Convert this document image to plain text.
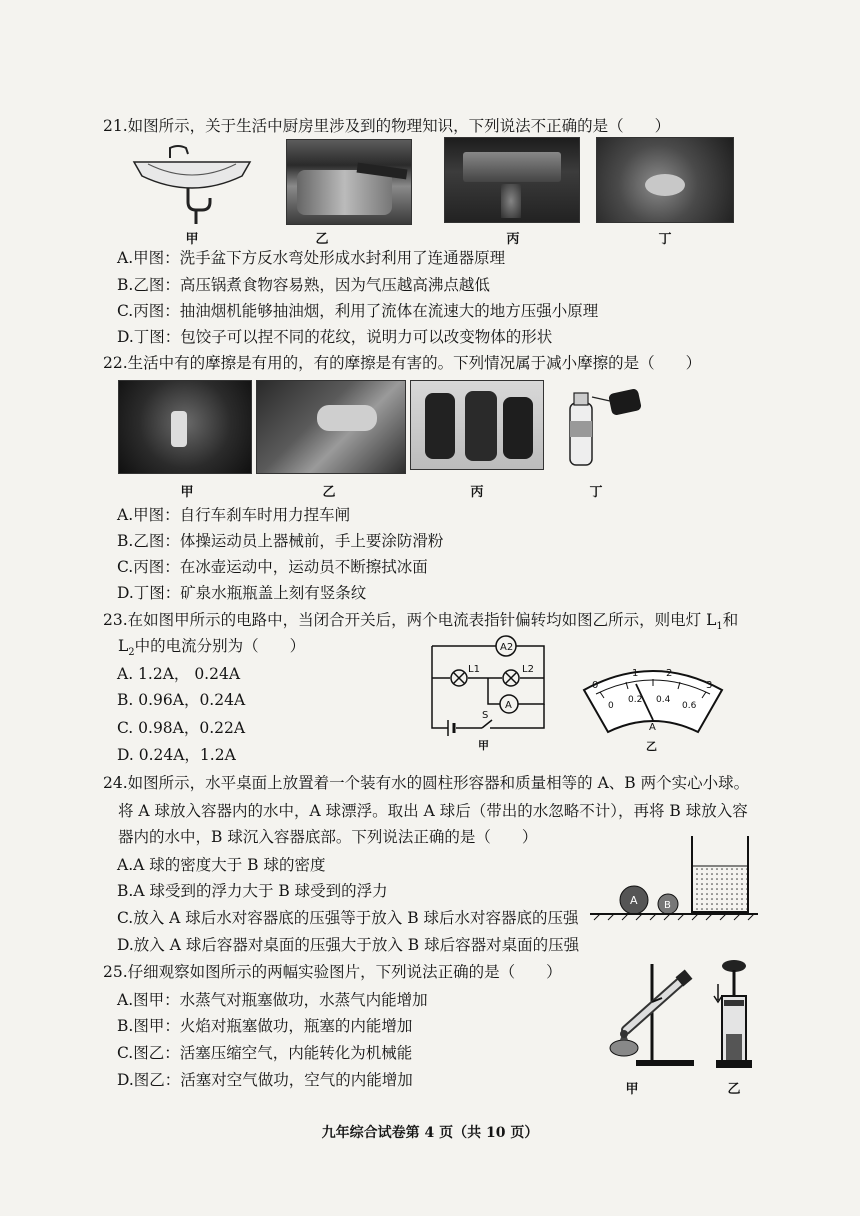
21.如图所示，关于生活中厨房里涉及到的物理知识，下列说法不正确的是（　　）
甲	乙	丙	丁
A.甲图：洗手盆下方反水弯处形成水封利用了连通器原理
B.乙图：高压锅煮食物容易熟，因为气压越高沸点越低
C.丙图：抽油烟机能够抽油烟，利用了流体在流速大的地方压强小原理
D.丁图：包饺子可以捏不同的花纹，说明力可以改变物体的形状
22.生活中有的摩擦是有用的，有的摩擦是有害的。下列情况属于减小摩擦的是（　　）
甲	乙	丙	丁
A.甲图：自行车刹车时用力捏车闸
B.乙图：体操运动员上器械前，手上要涂防滑粉
C.丙图：在冰壶运动中，运动员不断擦拭冰面
D.丁图：矿泉水瓶瓶盖上刻有竖条纹
23.在如图甲所示的电路中，当闭合开关后，两个电流表指针偏转均如图乙所示，则电灯 $L_1$和
$L_2$中的电流分别为（　　）
A. 1.2A， 0.24A
B. 0.96A，0.24A
C. 0.98A，0.22A
D. 0.24A，1.2A
A2
L1	L2
A
S
甲
0
1	2
3
0
0.2 0.4
0.6
A
乙
24.如图所示，水平桌面上放置着一个装有水的圆柱形容器和质量相等的 A、B 两个实心小球。
将 A 球放入容器内的水中，A 球漂浮。取出 A 球后（带出的水忽略不计），再将 B 球放入容
器内的水中，B 球沉入容器底部。下列说法正确的是（　　）
A.A 球的密度大于 B 球的密度
B.A 球受到的浮力大于 B 球受到的浮力
C.放入 A 球后水对容器底的压强等于放入 B 球后水对容器底的压强
D.放入 A 球后容器对桌面的压强大于放入 B 球后容器对桌面的压强
A	B
25.仔细观察如图所示的两幅实验图片，下列说法正确的是（　　）
A.图甲：水蒸气对瓶塞做功，水蒸气内能增加
B.图甲：火焰对瓶塞做功，瓶塞的内能增加
C.图乙：活塞压缩空气，内能转化为机械能
D.图乙：活塞对空气做功，空气的内能增加
甲	乙
九年综合试卷第 4 页（共 10 页）
